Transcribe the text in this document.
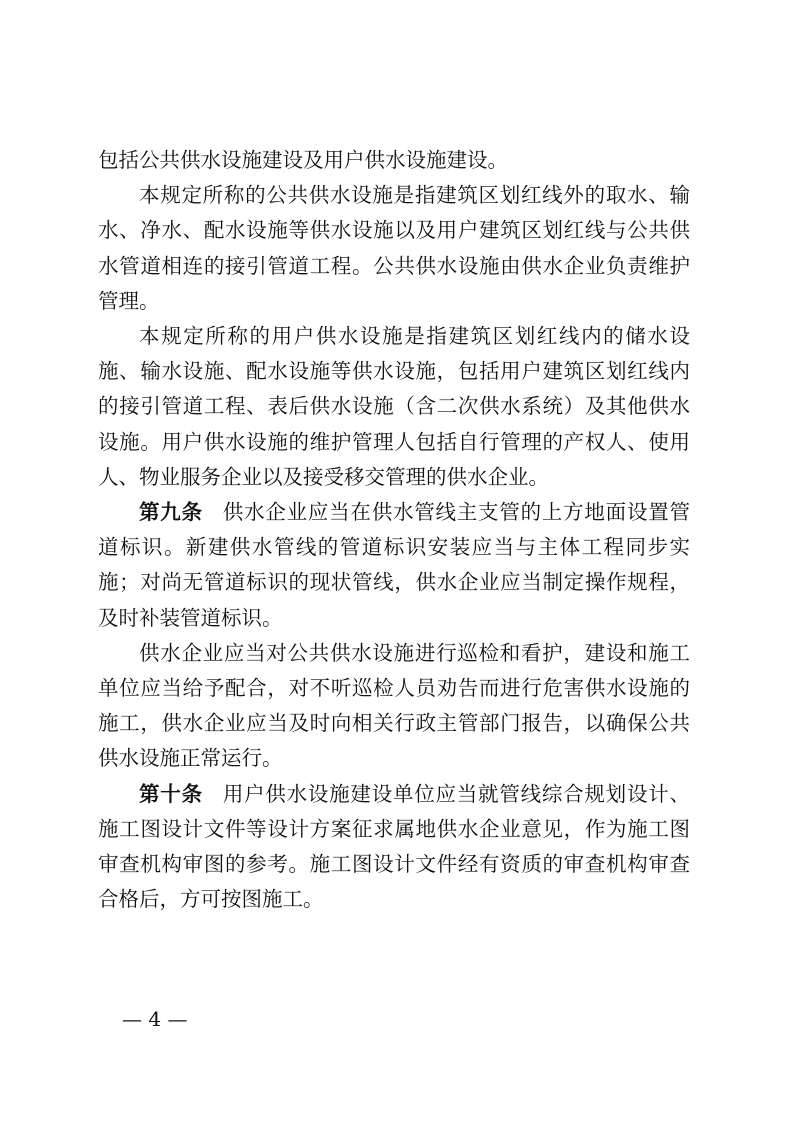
包括公共供水设施建设及用户供水设施建设。

本规定所称的公共供水设施是指建筑区划红线外的取水、输水、净水、配水设施等供水设施以及用户建筑区划红线与公共供水管道相连的接引管道工程。公共供水设施由供水企业负责维护管理。

本规定所称的用户供水设施是指建筑区划红线内的储水设施、输水设施、配水设施等供水设施，包括用户建筑区划红线内的接引管道工程、表后供水设施（含二次供水系统）及其他供水设施。用户供水设施的维护管理人包括自行管理的产权人、使用人、物业服务企业以及接受移交管理的供水企业。

第九条 供水企业应当在供水管线主支管的上方地面设置管道标识。新建供水管线的管道标识安装应当与主体工程同步实施；对尚无管道标识的现状管线，供水企业应当制定操作规程，及时补装管道标识。

供水企业应当对公共供水设施进行巡检和看护，建设和施工单位应当给予配合，对不听巡检人员劝告而进行危害供水设施的施工，供水企业应当及时向相关行政主管部门报告，以确保公共供水设施正常运行。

第十条 用户供水设施建设单位应当就管线综合规划设计、施工图设计文件等设计方案征求属地供水企业意见，作为施工图审查机构审图的参考。施工图设计文件经有资质的审查机构审查合格后，方可按图施工。

— 4 —
